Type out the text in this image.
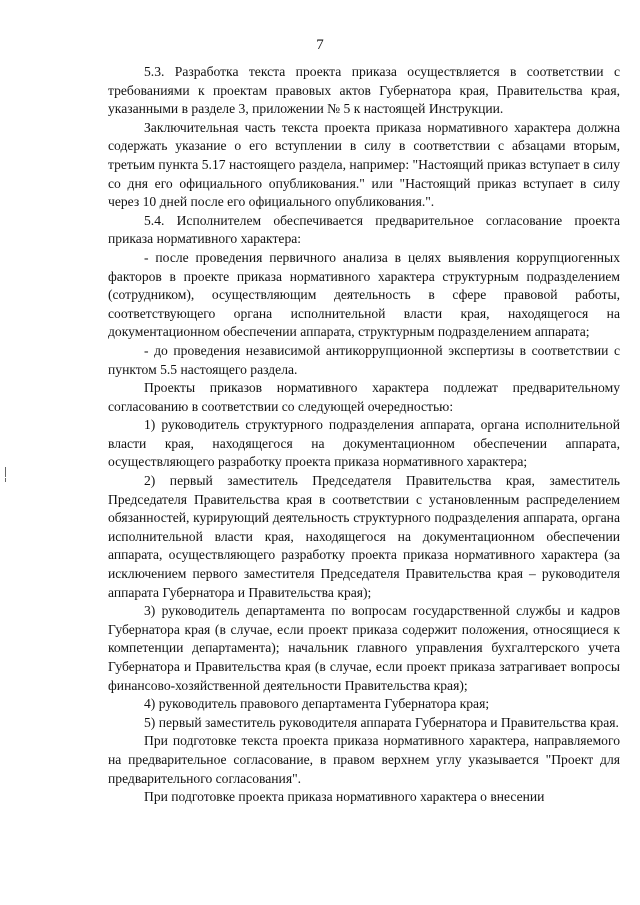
7

5.3. Разработка текста проекта приказа осуществляется в соответствии с требованиями к проектам правовых актов Губернатора края, Правительства края, указанными в разделе 3, приложении № 5 к настоящей Инструкции.

Заключительная часть текста проекта приказа нормативного характера должна содержать указание о его вступлении в силу в соответствии с абзацами вторым, третьим пункта 5.17 настоящего раздела, например: "Настоящий приказ вступает в силу со дня его официального опубликования." или "Настоящий приказ вступает в силу через 10 дней после его официального опубликования.".

5.4. Исполнителем обеспечивается предварительное согласование проекта приказа нормативного характера:

- после проведения первичного анализа в целях выявления коррупциогенных факторов в проекте приказа нормативного характера структурным подразделением (сотрудником), осуществляющим деятельность в сфере правовой работы, соответствующего органа исполнительной власти края, находящегося на документационном обеспечении аппарата, структурным подразделением аппарата;

- до проведения независимой антикоррупционной экспертизы в соответствии с пунктом 5.5 настоящего раздела.

Проекты приказов нормативного характера подлежат предварительному согласованию в соответствии со следующей очередностью:

1) руководитель структурного подразделения аппарата, органа исполнительной власти края, находящегося на документационном обеспечении аппарата, осуществляющего разработку проекта приказа нормативного характера;

2) первый заместитель Председателя Правительства края, заместитель Председателя Правительства края в соответствии с установленным распределением обязанностей, курирующий деятельность структурного подразделения аппарата, органа исполнительной власти края, находящегося на документационном обеспечении аппарата, осуществляющего разработку проекта приказа нормативного характера (за исключением первого заместителя Председателя Правительства края – руководителя аппарата Губернатора и Правительства края);

3) руководитель департамента по вопросам государственной службы и кадров Губернатора края (в случае, если проект приказа содержит положения, относящиеся к компетенции департамента); начальник главного управления бухгалтерского учета Губернатора и Правительства края (в случае, если проект приказа затрагивает вопросы финансово-хозяйственной деятельности Правительства края);

4) руководитель правового департамента Губернатора края;

5) первый заместитель руководителя аппарата Губернатора и Правительства края.

При подготовке текста проекта приказа нормативного характера, направляемого на предварительное согласование, в правом верхнем углу указывается "Проект для предварительного согласования".

При подготовке проекта приказа нормативного характера о внесении
